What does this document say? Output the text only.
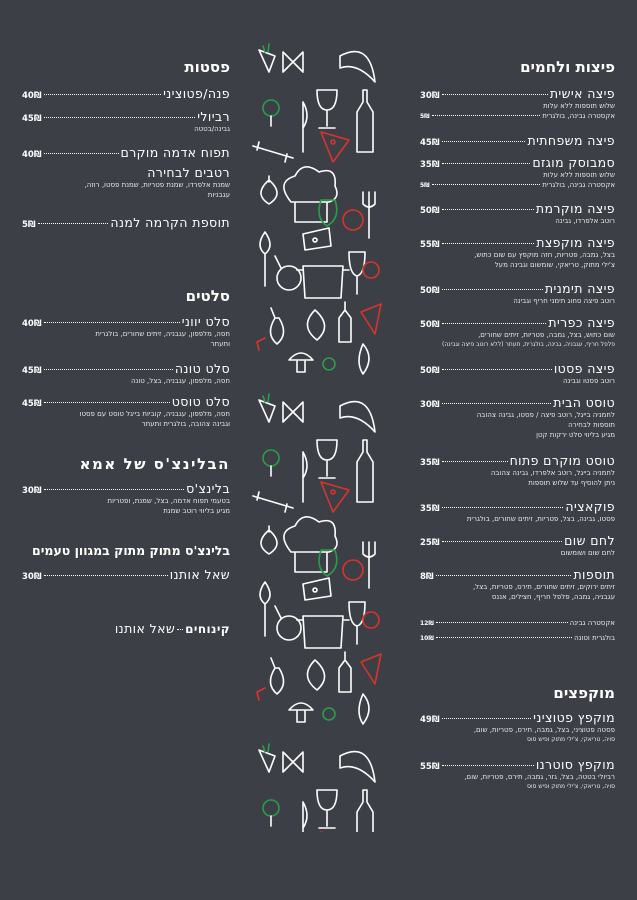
פיצות ולחמים
פיצה אישית
30₪
שלוש תוספות ללא עלות
אקסטרה גבינה, בולגרית
5₪
פיצה משפחתית
45₪
סמבוסק מוגזם
35₪
שלוש תוספות ללא עלות
אקסטרה גבינה, בולגרית
5₪
פיצה מוקרמת
50₪
רוטב אלפרדו, גבינה
פיצה מוקפצת
55₪
בצל, גמבה, פטריות, חזה מוקפץ עם שום כתוש,
צ'ילי מתוק, טריאקי, שומשום וגבינה מעל
פיצה תימנית
50₪
רוטב פיצה סחוג תימני חריף וגבינה
פיצה כפרית
50₪
שום כתוש, בצל, גמבה, פטריות, זיתים שחורים,
פלפל חריף, עגבניה, גבינה, בולגרית, תעתר (ללא רוטב פיצה וגבינה)
פיצה פסטו
50₪
רוטב פסטו וגבינה
טוסט הבית
30₪
לחמניה בייגל, רוטב פיצה / פסטו, גבינה צהובה
תוספות לבחירה
מגיע בליווי סלט ירקות קטן
טוסט מוקרם פתוח
35₪
לחמניה בייגל, רוטב אלפרדו, גבינה צהובה
ניתן להוסיף עד שלוש תוספות
פוקאציה
35₪
פסטו, גבינה, בצל, פטריות, זיתים שחורים, בולגרית
לחם שום
25₪
לחם שום ושומשום
תוספות
8₪
זיתים ירוקים, זיתים שחורים, תירס, פטריות, בצל,
עגבניה, גמבה, פלפל חריף, חצילים, אננס
אקסטרה גבינה
12₪
בולגרית וטונה
10₪
מוקפצים
מוקפץ פטוציני
49₪
פסטה פטוציני, בצל, גמבה, תירס, פטריות, שום,
סויה, טריאקי, צ'ילי מתוק ופיש סוס
מוקפץ סוטרנו
55₪
רביולי בטטה, בצל, גזר, גמבה, תירס, פטריות, שום,
סויה, טריאקי, צ'ילי מתוק ופיש סוס
פסטות
פנה/פטוציני
40₪
רביולי
45₪
גבינה/בטטה
תפוח אדמה מוקרם
40₪
רטבים לבחירה
שמנת אלפרדו, שמנת פטריות, שמנת פסטו, רוזה,
עגבניות
תוספת הקרמה למנה
5₪
סלטים
סלט יווני
40₪
חסה, מלפפון, עגבניה, זיתים שחורים, בולגרית
ותעתר
סלט טונה
45₪
חסה, מלפפון, עגבניה, בצל, טונה
סלט טוסט
45₪
חסה, מלפפון, עגבניה, קוביות בייגל טוסט עם פסטו
וגבינה צהובה, בולגרית ותעתר
הבלינצ'ס של אמא
בלינצ'ס
30₪
בטעמי תפוח אדמה, בצל, שמנת, ופטריות
מגיע בליווי רוטב שמנת
בלינצ'ס מתוק מתוק במגוון טעמים
שאל אותנו
30₪
קינוחים
שאל אותנו
